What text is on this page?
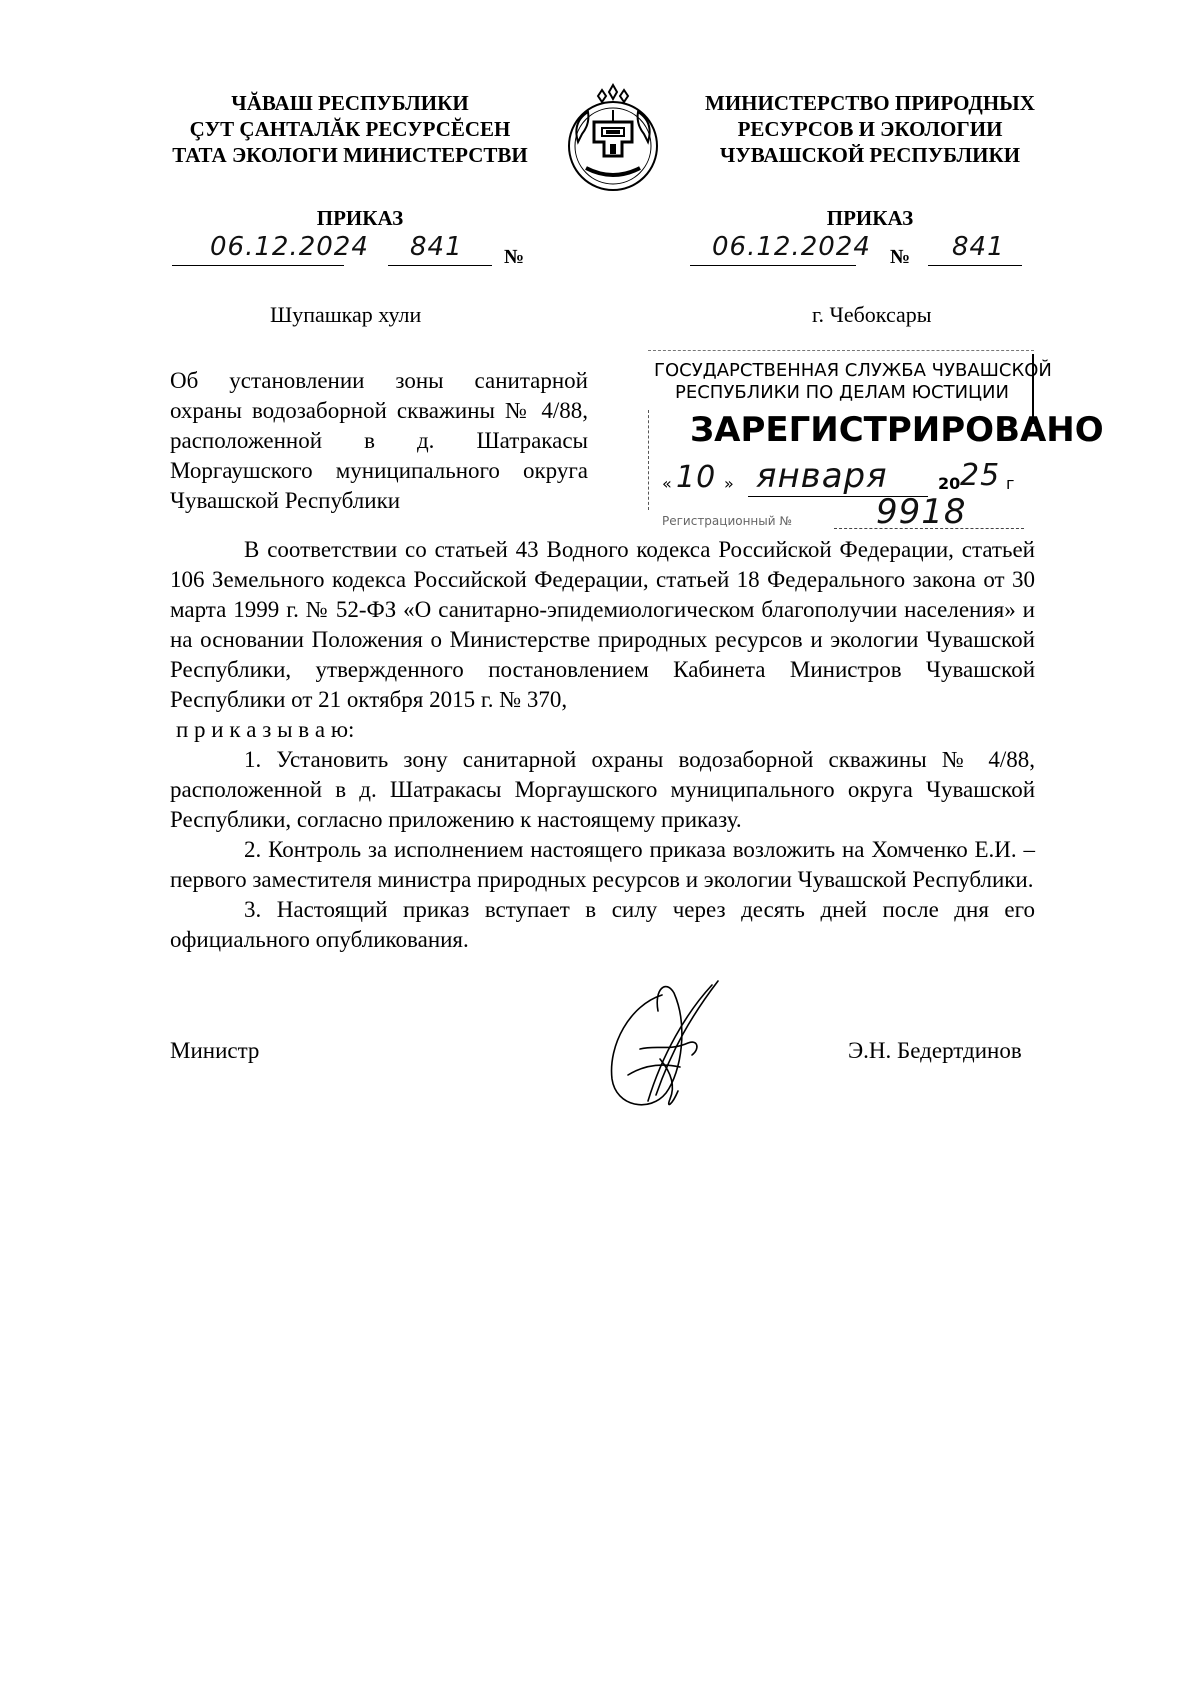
ЧĂВАШ РЕСПУБЛИКИ
ÇУТ ÇАНТАЛĂК РЕСУРСĔСЕН
ТАТА ЭКОЛОГИ МИНИСТЕРСТВИ
ПРИКАЗ
06.12.2024 841 №
Шупашкар хули
МИНИСТЕРСТВО ПРИРОДНЫХ
РЕСУРСОВ И ЭКОЛОГИИ
ЧУВАШСКОЙ РЕСПУБЛИКИ
ПРИКАЗ
06.12.2024 № 841
г. Чебоксары
Об установлении зоны санитарной охраны водозаборной скважины № 4/88, расположенной в д. Шатракасы Моргаушского муниципального округа Чувашской Республики
ГОСУДАРСТВЕННАЯ СЛУЖБА ЧУВАШСКОЙ
РЕСПУБЛИКИ ПО ДЕЛАМ ЮСТИЦИИ
ЗАРЕГИСТРИРОВАНО
« 10 » января	20 25 г
Регистрационный № 9918

В соответствии со статьей 43 Водного кодекса Российской Федерации, статьей 106 Земельного кодекса Российской Федерации, статьей 18 Федерального закона от 30 марта 1999 г. № 52-ФЗ «О санитарно-эпидемиологическом благополучии населения» и на основании Положения о Министерстве природных ресурсов и экологии Чувашской Республики, утвержденного постановлением Кабинета Министров Чувашской Республики от 21 октября 2015 г. № 370,

п р и к а з ы в а ю:

1. Установить зону санитарной охраны водозаборной скважины № 4/88, расположенной в д. Шатракасы Моргаушского муниципального округа Чувашской Республики, согласно приложению к настоящему приказу.

2. Контроль за исполнением настоящего приказа возложить на Хомченко Е.И. – первого заместителя министра природных ресурсов и экологии Чувашской Республики.

3. Настоящий приказ вступает в силу через десять дней после дня его официального опубликования.

Министр	Э.Н. Бедертдинов
